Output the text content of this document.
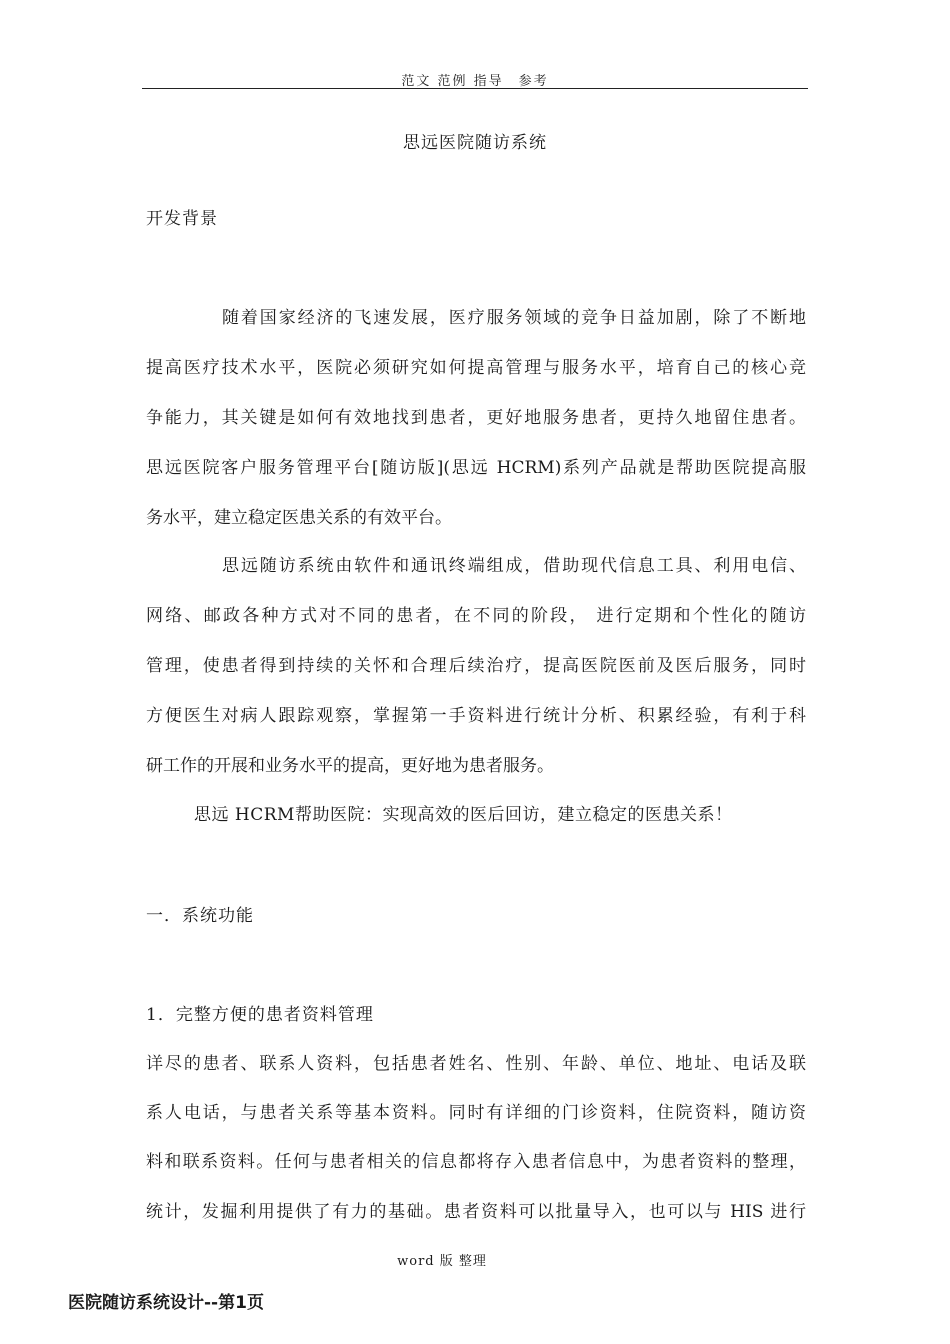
范文 范例 指导　参考
思远医院随访系统
开发背景
随着国家经济的飞速发展，医疗服务领域的竞争日益加剧，除了不断地
提高医疗技术水平，医院必须研究如何提高管理与服务水平，培育自己的核心竞
争能力，其关键是如何有效地找到患者，更好地服务患者，更持久地留住患者。
思远医院客户服务管理平台[随访版](思远 HCRM)系列产品就是帮助医院提高服
务水平，建立稳定医患关系的有效平台。
思远随访系统由软件和通讯终端组成，借助现代信息工具、利用电信、
网络、邮政各种方式对不同的患者，在不同的阶段， 进行定期和个性化的随访
管理，使患者得到持续的关怀和合理后续治疗，提高医院医前及医后服务，同时
方便医生对病人跟踪观察，掌握第一手资料进行统计分析、积累经验，有利于科
研工作的开展和业务水平的提高，更好地为患者服务。
思远 HCRM帮助医院：实现高效的医后回访，建立稳定的医患关系！
一．系统功能
1．完整方便的患者资料管理
详尽的患者、联系人资料，包括患者姓名、性别、年龄、单位、地址、电话及联
系人电话，与患者关系等基本资料。同时有详细的门诊资料，住院资料，随访资
料和联系资料。任何与患者相关的信息都将存入患者信息中，为患者资料的整理，
统计，发掘利用提供了有力的基础。患者资料可以批量导入，也可以与 HIS 进行
word 版 整理
医院随访系统设计--第1页
